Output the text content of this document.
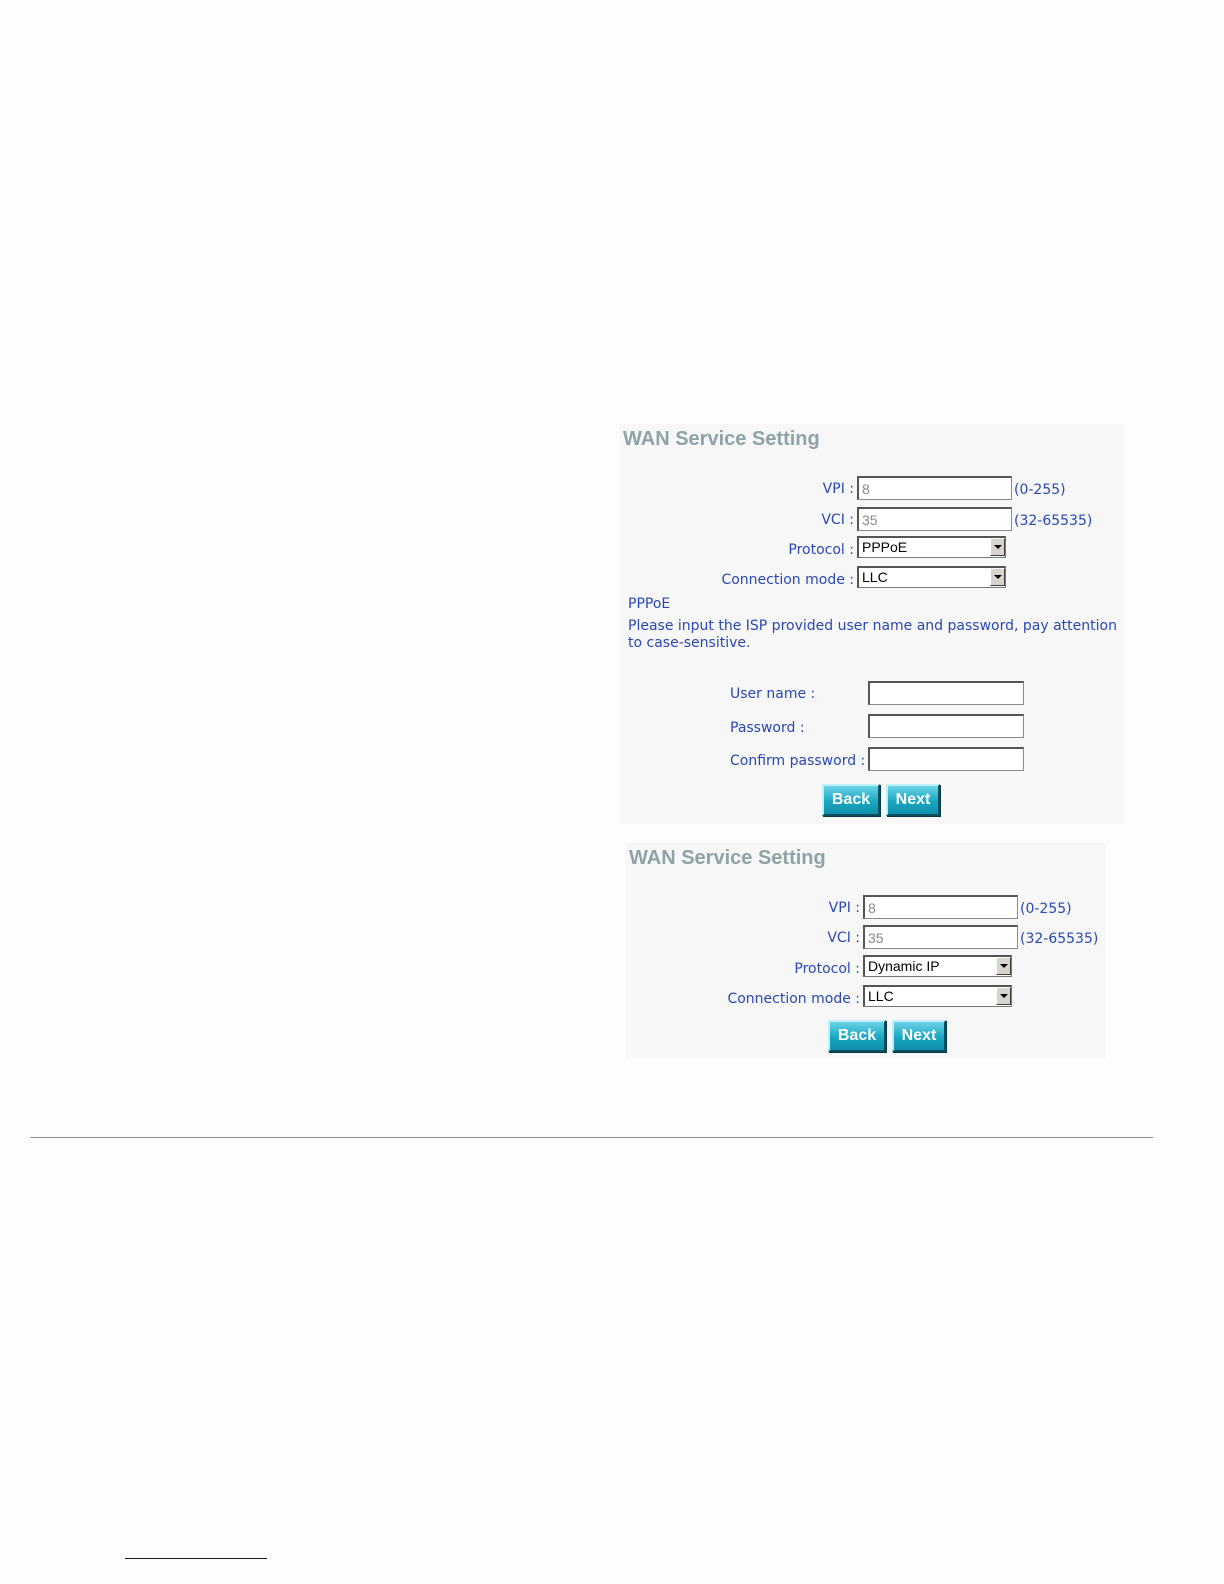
WAN Service Setting
VPI :
8	(0-255)
VCI :
35	(32-65535)
Protocol : PPPoE
Connection mode : LLC
PPPoE
Please input the ISP provided user name and password, pay attention
to case-sensitive.
User name :
Password :
Confirm password :
Back	Next
WAN Service Setting
VPI :
8	(0-255)
VCI :
35	(32-65535)
Protocol : Dynamic IP
Connection mode : LLC
Back	Next
